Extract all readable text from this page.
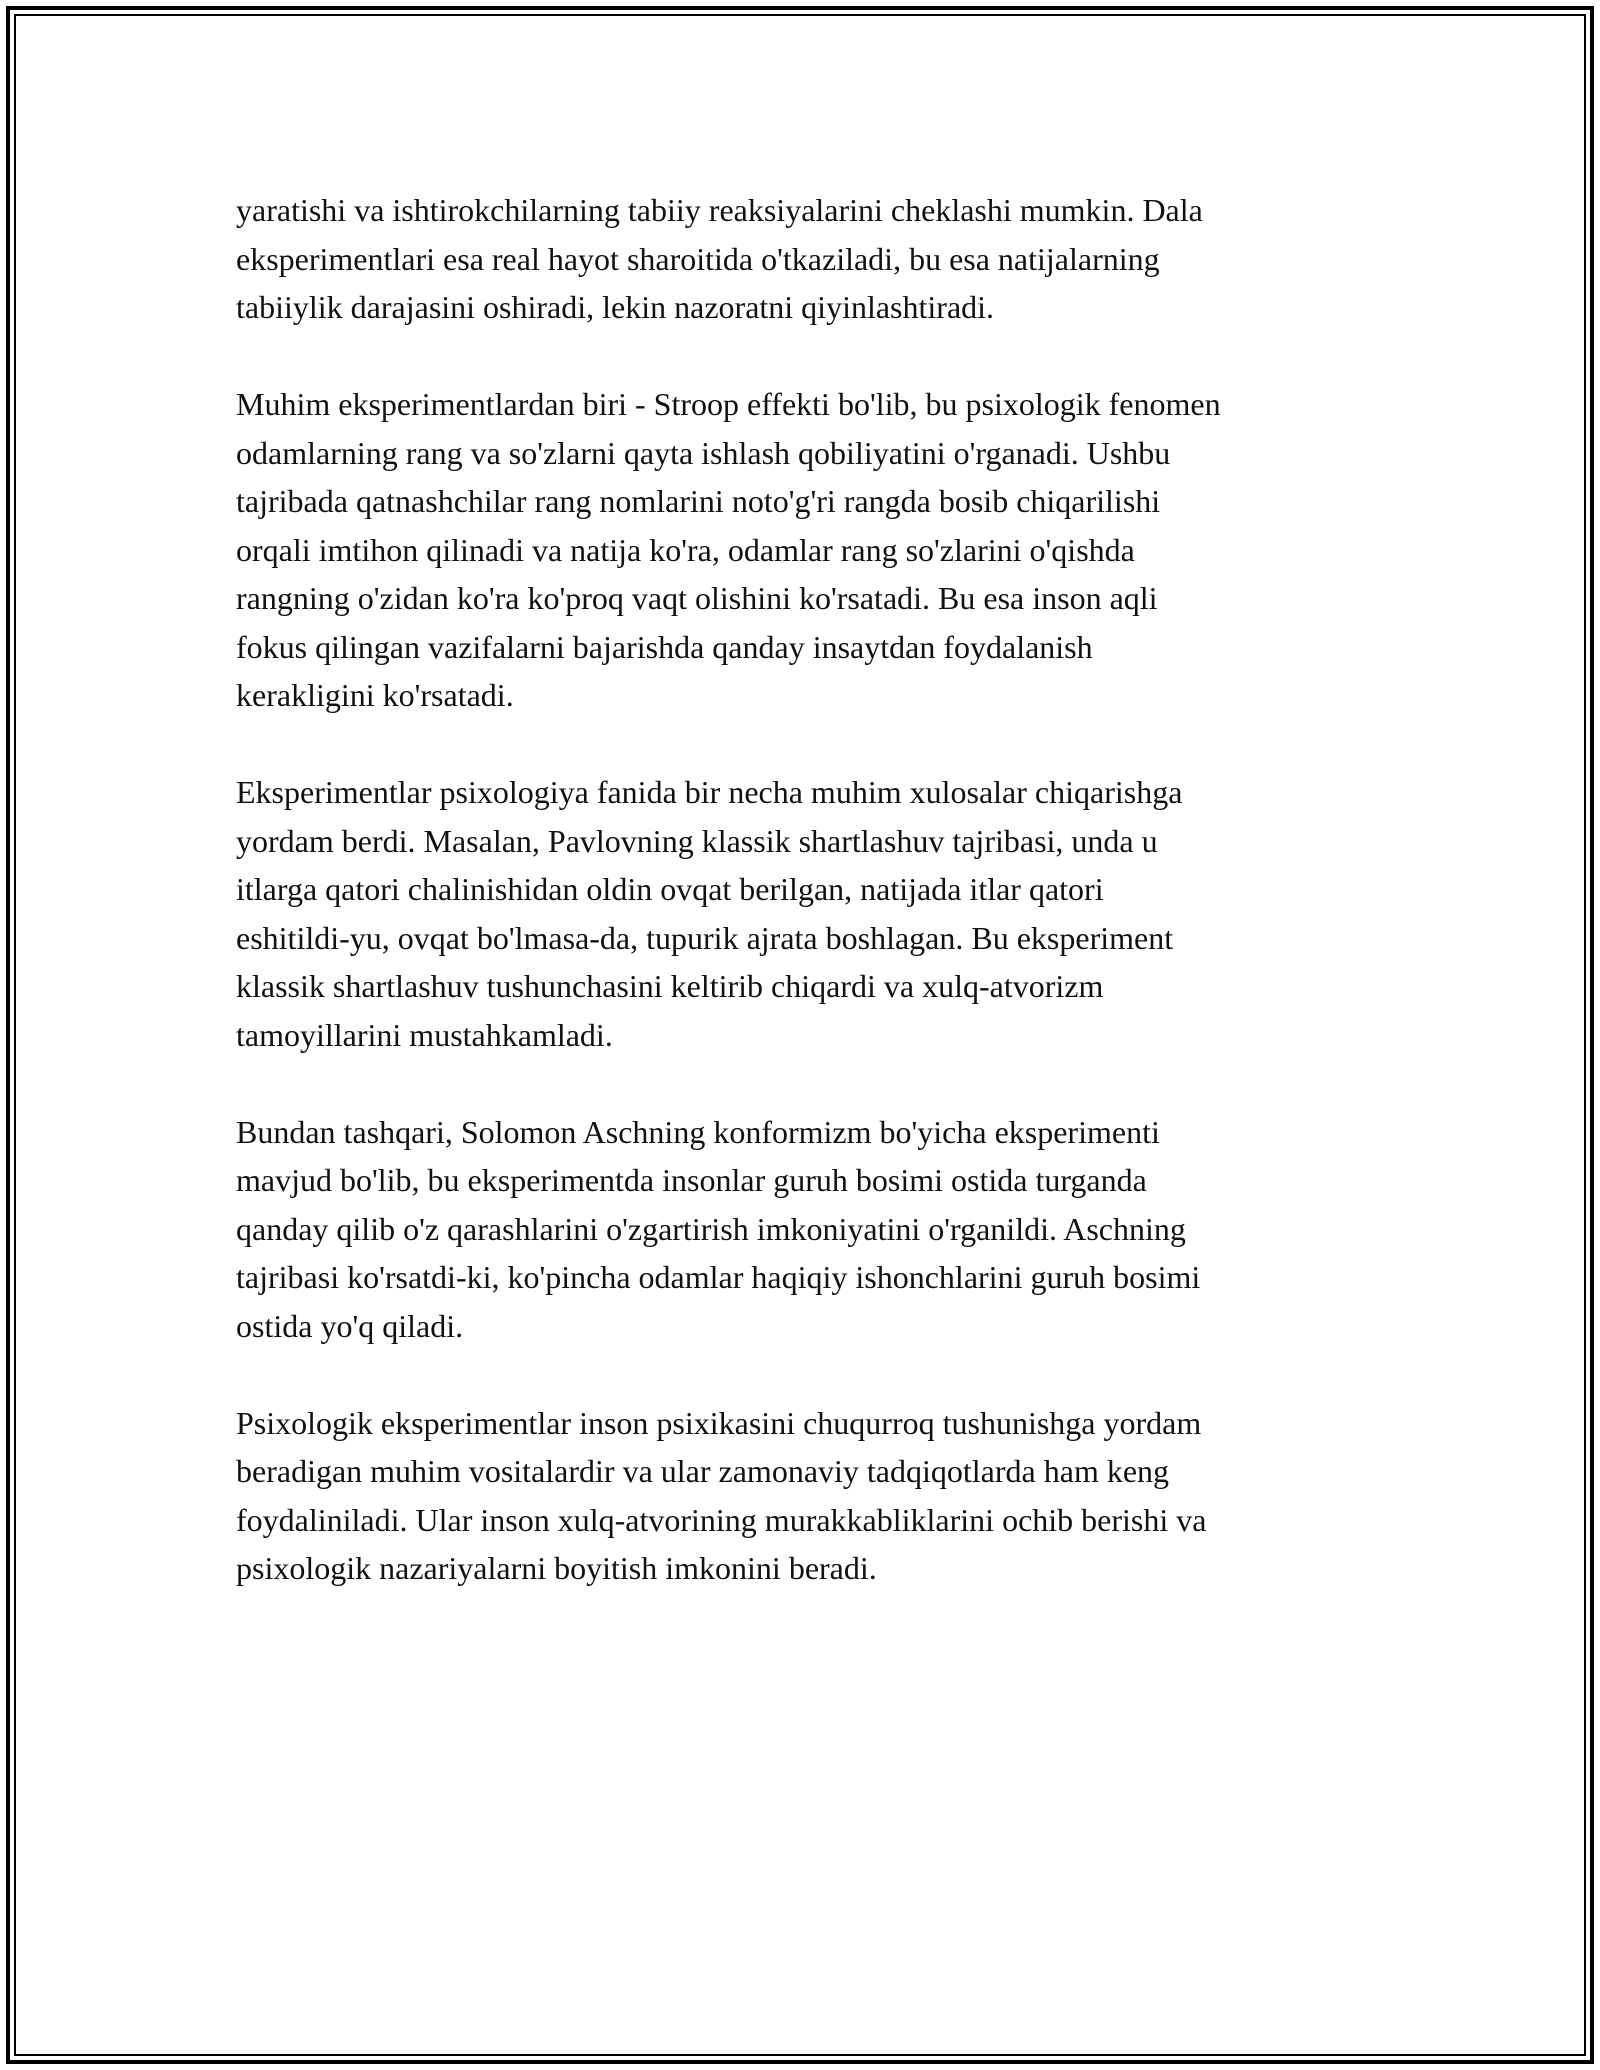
yaratishi va ishtirokchilarning tabiiy reaksiyalarini cheklashi mumkin. Dala
eksperimentlari esa real hayot sharoitida o'tkaziladi, bu esa natijalarning
tabiiylik darajasini oshiradi, lekin nazoratni qiyinlashtiradi.

Muhim eksperimentlardan biri - Stroop effekti bo'lib, bu psixologik fenomen
odamlarning rang va so'zlarni qayta ishlash qobiliyatini o'rganadi. Ushbu
tajribada qatnashchilar rang nomlarini noto'g'ri rangda bosib chiqarilishi
orqali imtihon qilinadi va natija ko'ra, odamlar rang so'zlarini o'qishda
rangning o'zidan ko'ra ko'proq vaqt olishini ko'rsatadi. Bu esa inson aqli
fokus qilingan vazifalarni bajarishda qanday insaytdan foydalanish
kerakligini ko'rsatadi.

Eksperimentlar psixologiya fanida bir necha muhim xulosalar chiqarishga
yordam berdi. Masalan, Pavlovning klassik shartlashuv tajribasi, unda u
itlarga qatori chalinishidan oldin ovqat berilgan, natijada itlar qatori
eshitildi-yu, ovqat bo'lmasa-da, tupurik ajrata boshlagan. Bu eksperiment
klassik shartlashuv tushunchasini keltirib chiqardi va xulq-atvorizm
tamoyillarini mustahkamladi.

Bundan tashqari, Solomon Aschning konformizm bo'yicha eksperimenti
mavjud bo'lib, bu eksperimentda insonlar guruh bosimi ostida turganda
qanday qilib o'z qarashlarini o'zgartirish imkoniyatini o'rganildi. Aschning
tajribasi ko'rsatdi-ki, ko'pincha odamlar haqiqiy ishonchlarini guruh bosimi
ostida yo'q qiladi.

Psixologik eksperimentlar inson psixikasini chuqurroq tushunishga yordam
beradigan muhim vositalardir va ular zamonaviy tadqiqotlarda ham keng
foydaliniladi. Ular inson xulq-atvorining murakkabliklarini ochib berishi va
psixologik nazariyalarni boyitish imkonini beradi.
